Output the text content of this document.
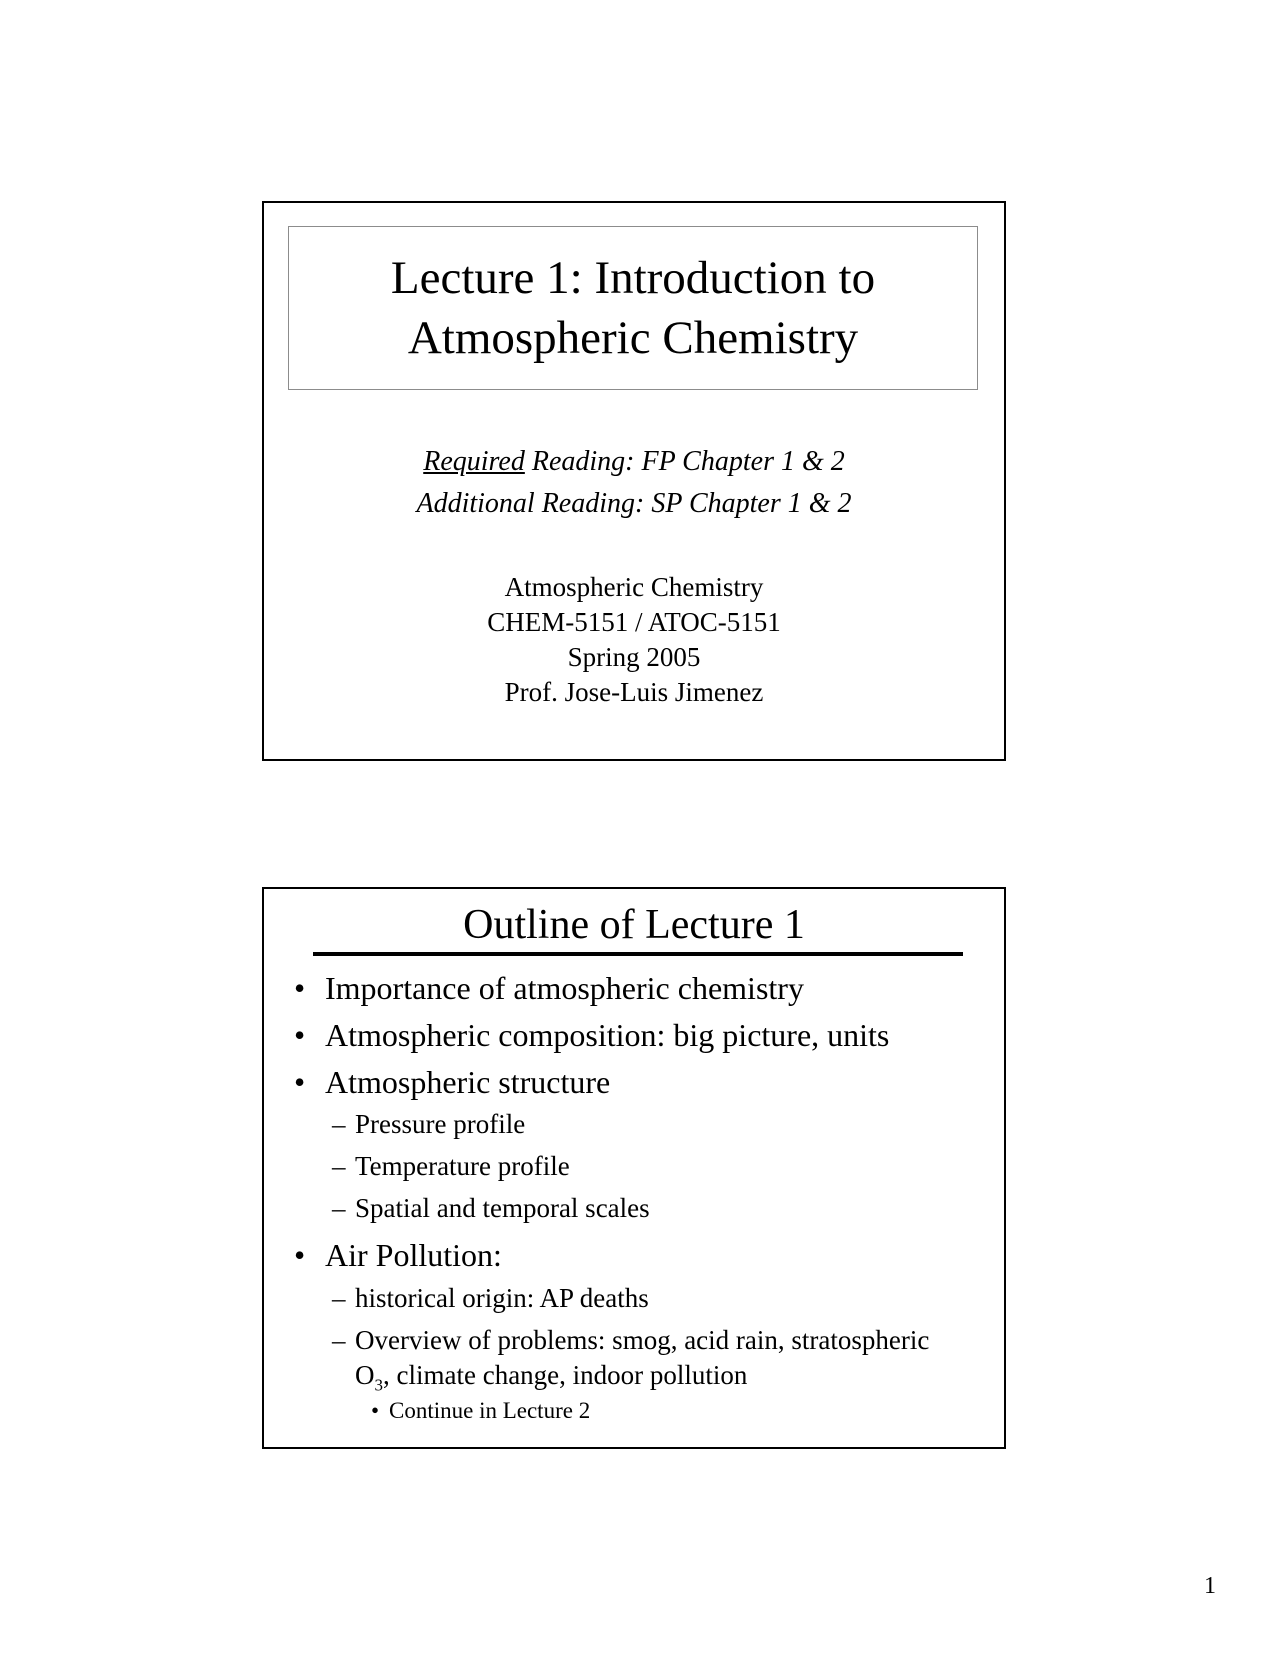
Lecture 1: Introduction to
Atmospheric Chemistry
Required Reading: FP Chapter 1 & 2
Additional Reading: SP Chapter 1 & 2
Atmospheric Chemistry
CHEM-5151 / ATOC-5151
Spring 2005
Prof. Jose-Luis Jimenez
Outline of Lecture 1
• Importance of atmospheric chemistry
• Atmospheric composition: big picture, units
• Atmospheric structure
– Pressure profile
– Temperature profile
– Spatial and temporal scales
• Air Pollution:
– historical origin: AP deaths
– Overview of problems: smog, acid rain, stratospheric
$O_3$, climate change, indoor pollution
• Continue in Lecture 2
1
